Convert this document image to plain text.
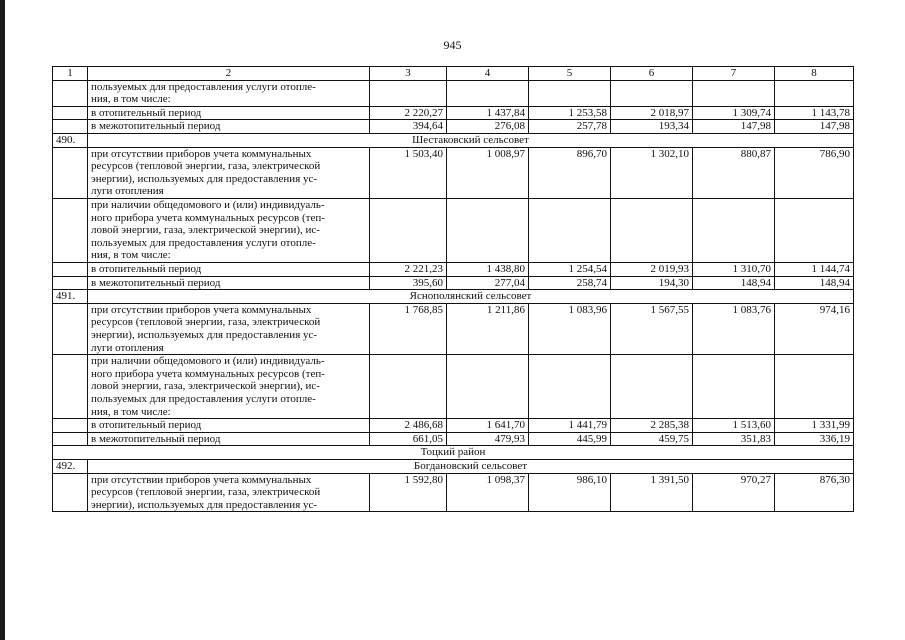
945
1	2	3	4	5	6	7	8

	пользуемых для предоставления услуги отопле-
ния, в том числе:						

	в отопительный период	2 220,27	1 437,84	1 253,58	2 018,97	1 309,74	1 143,78

	в межотопительный период	394,64	276,08	257,78	193,34	147,98	147,98
490.	Шестаковский сельсовет						

	при отсутствии приборов учета коммунальных
ресурсов (тепловой энергии, газа, электрической
энергии), используемых для предоставления ус-
луги отопления	1 503,40	1 008,97	896,70	1 302,10	880,87	786,90

	при наличии общедомового и (или) индивидуаль-
ного прибора учета коммунальных ресурсов (теп-
ловой энергии, газа, электрической энергии), ис-
пользуемых для предоставления услуги отопле-
ния, в том числе:						

	в отопительный период	2 221,23	1 438,80	1 254,54	2 019,93	1 310,70	1 144,74

	в межотопительный период	395,60	277,04	258,74	194,30	148,94	148,94
491.	Яснополянский сельсовет						

	при отсутствии приборов учета коммунальных
ресурсов (тепловой энергии, газа, электрической
энергии), используемых для предоставления ус-
луги отопления	1 768,85	1 211,86	1 083,96	1 567,55	1 083,76	974,16

	при наличии общедомового и (или) индивидуаль-
ного прибора учета коммунальных ресурсов (теп-
ловой энергии, газа, электрической энергии), ис-
пользуемых для предоставления услуги отопле-
ния, в том числе:						

	в отопительный период	2 486,68	1 641,70	1 441,79	2 285,38	1 513,60	1 331,99

	в межотопительный период	661,05	479,93	445,99	459,75	351,83	336,19
Тоцкий район							
492.	Богдановский сельсовет						

	при отсутствии приборов учета коммунальных
ресурсов (тепловой энергии, газа, электрической
энергии), используемых для предоставления ус-	1 592,80	1 098,37	986,10	1 391,50	970,27	876,30
